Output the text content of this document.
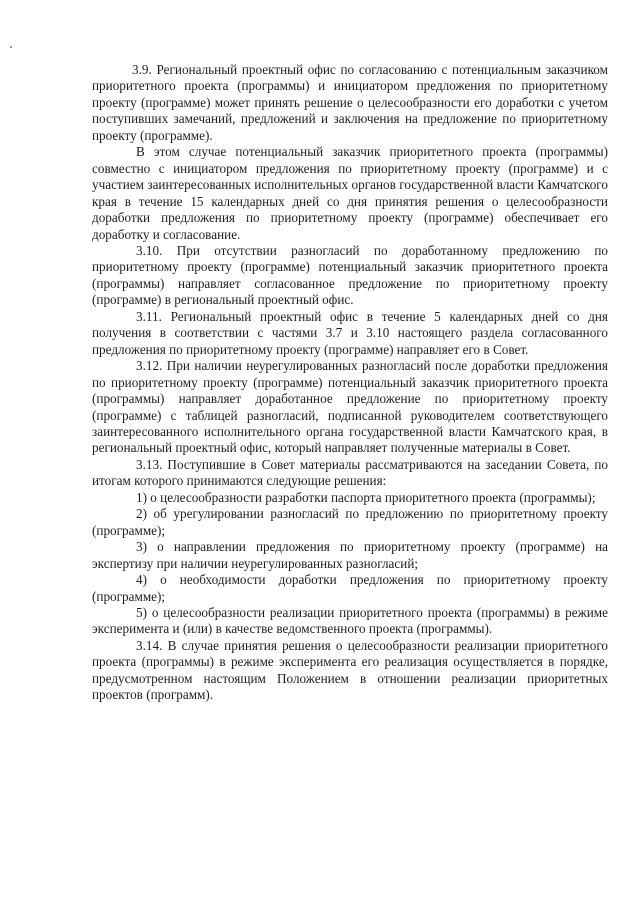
3.9. Региональный проектный офис по согласованию с потенциальным заказчиком приоритетного проекта (программы) и инициатором предложения по приоритетному проекту (программе) может принять решение о целесообразности его доработки с учетом поступивших замечаний, предложений и заключения на предложение по приоритетному проекту (программе).

В этом случае потенциальный заказчик приоритетного проекта (программы) совместно с инициатором предложения по приоритетному проекту (программе) и с участием заинтересованных исполнительных органов государственной власти Камчатского края в течение 15 календарных дней со дня принятия решения о целесообразности доработки предложения по приоритетному проекту (программе) обеспечивает его доработку и согласование.

3.10. При отсутствии разногласий по доработанному предложению по приоритетному проекту (программе) потенциальный заказчик приоритетного проекта (программы) направляет согласованное предложение по приоритетному проекту (программе) в региональный проектный офис.

3.11. Региональный проектный офис в течение 5 календарных дней со дня получения в соответствии с частями 3.7 и 3.10 настоящего раздела согласованного предложения по приоритетному проекту (программе) направляет его в Совет.

3.12. При наличии неурегулированных разногласий после доработки предложения по приоритетному проекту (программе) потенциальный заказчик приоритетного проекта (программы) направляет доработанное предложение по приоритетному проекту (программе) с таблицей разногласий, подписанной руководителем соответствующего заинтересованного исполнительного органа государственной власти Камчатского края, в региональный проектный офис, который направляет полученные материалы в Совет.

3.13. Поступившие в Совет материалы рассматриваются на заседании Совета, по итогам которого принимаются следующие решения:

1) о целесообразности разработки паспорта приоритетного проекта (программы);

2) об урегулировании разногласий по предложению по приоритетному проекту (программе);

3) о направлении предложения по приоритетному проекту (программе) на экспертизу при наличии неурегулированных разногласий;

4) о необходимости доработки предложения по приоритетному проекту (программе);

5) о целесообразности реализации приоритетного проекта (программы) в режиме эксперимента и (или) в качестве ведомственного проекта (программы).

3.14. В случае принятия решения о целесообразности реализации приоритетного проекта (программы) в режиме эксперимента его реализация осуществляется в порядке, предусмотренном настоящим Положением в отношении реализации приоритетных проектов (программ).
